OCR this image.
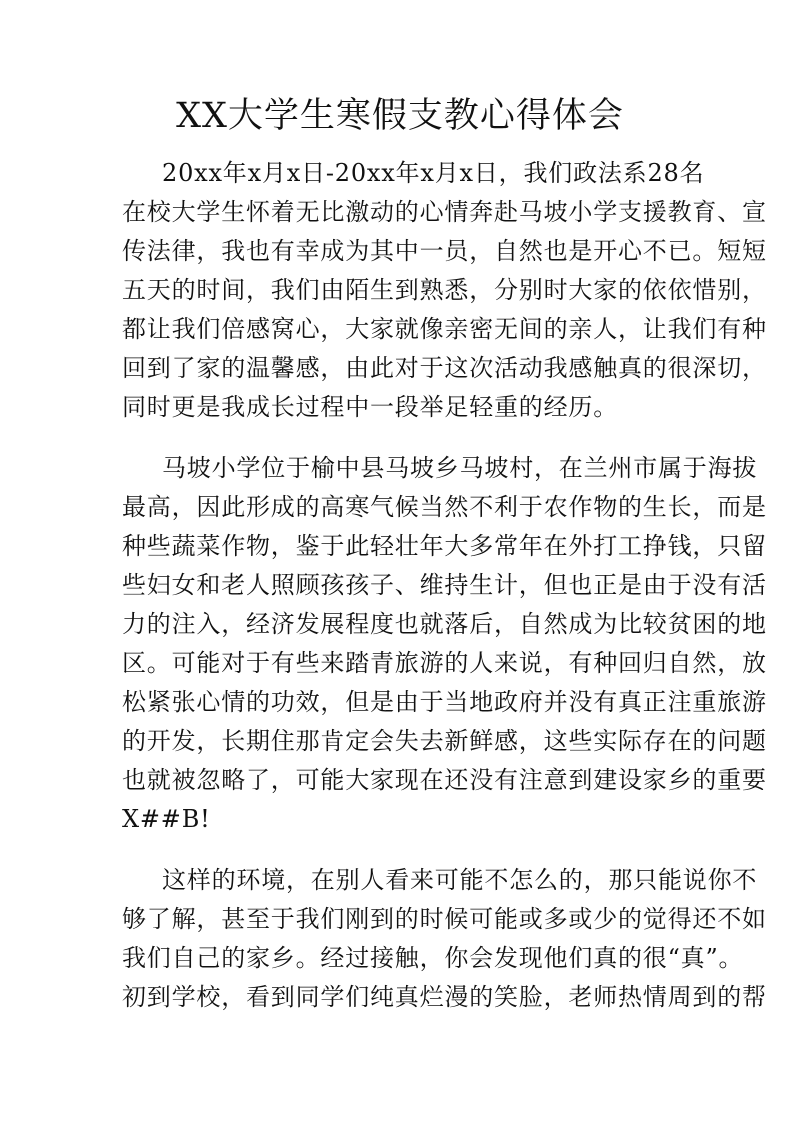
XX大学生寒假支教心得体会
20xx年x月x日-20xx年x月x日，我们政法系28名
在校大学生怀着无比激动的心情奔赴马坡小学支援教育、宣
传法律，我也有幸成为其中一员，自然也是开心不已。短短
五天的时间，我们由陌生到熟悉，分别时大家的依依惜别，
都让我们倍感窝心，大家就像亲密无间的亲人，让我们有种
回到了家的温馨感，由此对于这次活动我感触真的很深切，
同时更是我成长过程中一段举足轻重的经历。
马坡小学位于榆中县马坡乡马坡村，在兰州市属于海拔
最高，因此形成的高寒气候当然不利于农作物的生长，而是
种些蔬菜作物，鉴于此轻壮年大多常年在外打工挣钱，只留
些妇女和老人照顾孩孩子、维持生计，但也正是由于没有活
力的注入，经济发展程度也就落后，自然成为比较贫困的地
区。可能对于有些来踏青旅游的人来说，有种回归自然，放
松紧张心情的功效，但是由于当地政府并没有真正注重旅游
的开发，长期住那肯定会失去新鲜感，这些实际存在的问题
也就被忽略了，可能大家现在还没有注意到建设家乡的重要
X##B!
这样的环境，在别人看来可能不怎么的，那只能说你不
够了解，甚至于我们刚到的时候可能或多或少的觉得还不如
我们自己的家乡。经过接触，你会发现他们真的很“真”。
初到学校，看到同学们纯真烂漫的笑脸，老师热情周到的帮
